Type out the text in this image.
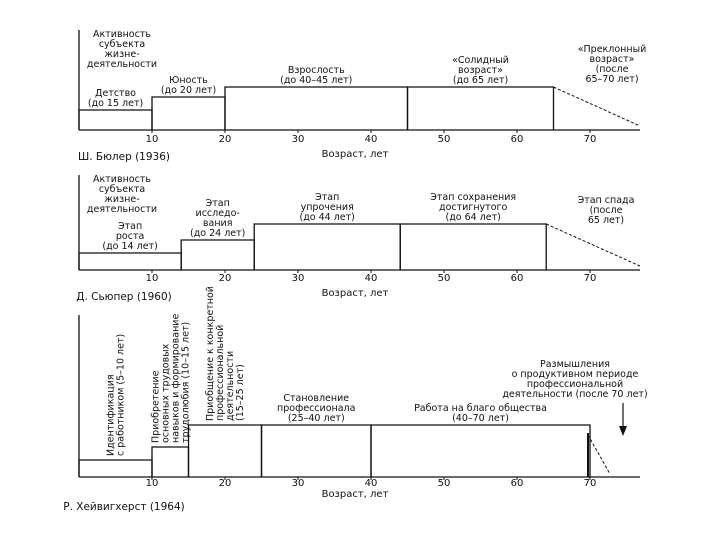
Активность
субъекта
жизне-
деятельности
10	20	30	40	50	60	70
Возраст, лет
Ш. Бюлер (1936)
Детство
(до 15 лет)
Юность
(до 20 лет)
Взрослость
(до 40–45 лет)
«Солидный
возраст»
(до 65 лет)
«Преклонный
возраст»
(после
65–70 лет)
Активность
субъекта
жизне-
деятельности
10	20	30	40	50	60	70
Возраст, лет
Д. Сьюпер (1960)
Этап
роста
(до 14 лет)
Этап
исследо-
вания
(до 24 лет)
Этап
упрочения
(до 44 лет)
Этап сохранения
достигнутого
(до 64 лет)
Этап спада
(после
65 лет)
10	20	30	40	50	60	70
Возраст, лет
Р. Хейвигхерст (1964)
Идентификация с работником (5–10 лет)	Приобретение основных трудовых навыков и формирование трудолюбия (10–15 лет) Приобщение к конкретной профессиональной деятельности (15–25 лет)	Становление
профессионала
(25–40 лет)
Работа на благо общества
(40–70 лет)
Размышления
о продуктивном периоде
профессиональной
деятельности (после 70 лет)
